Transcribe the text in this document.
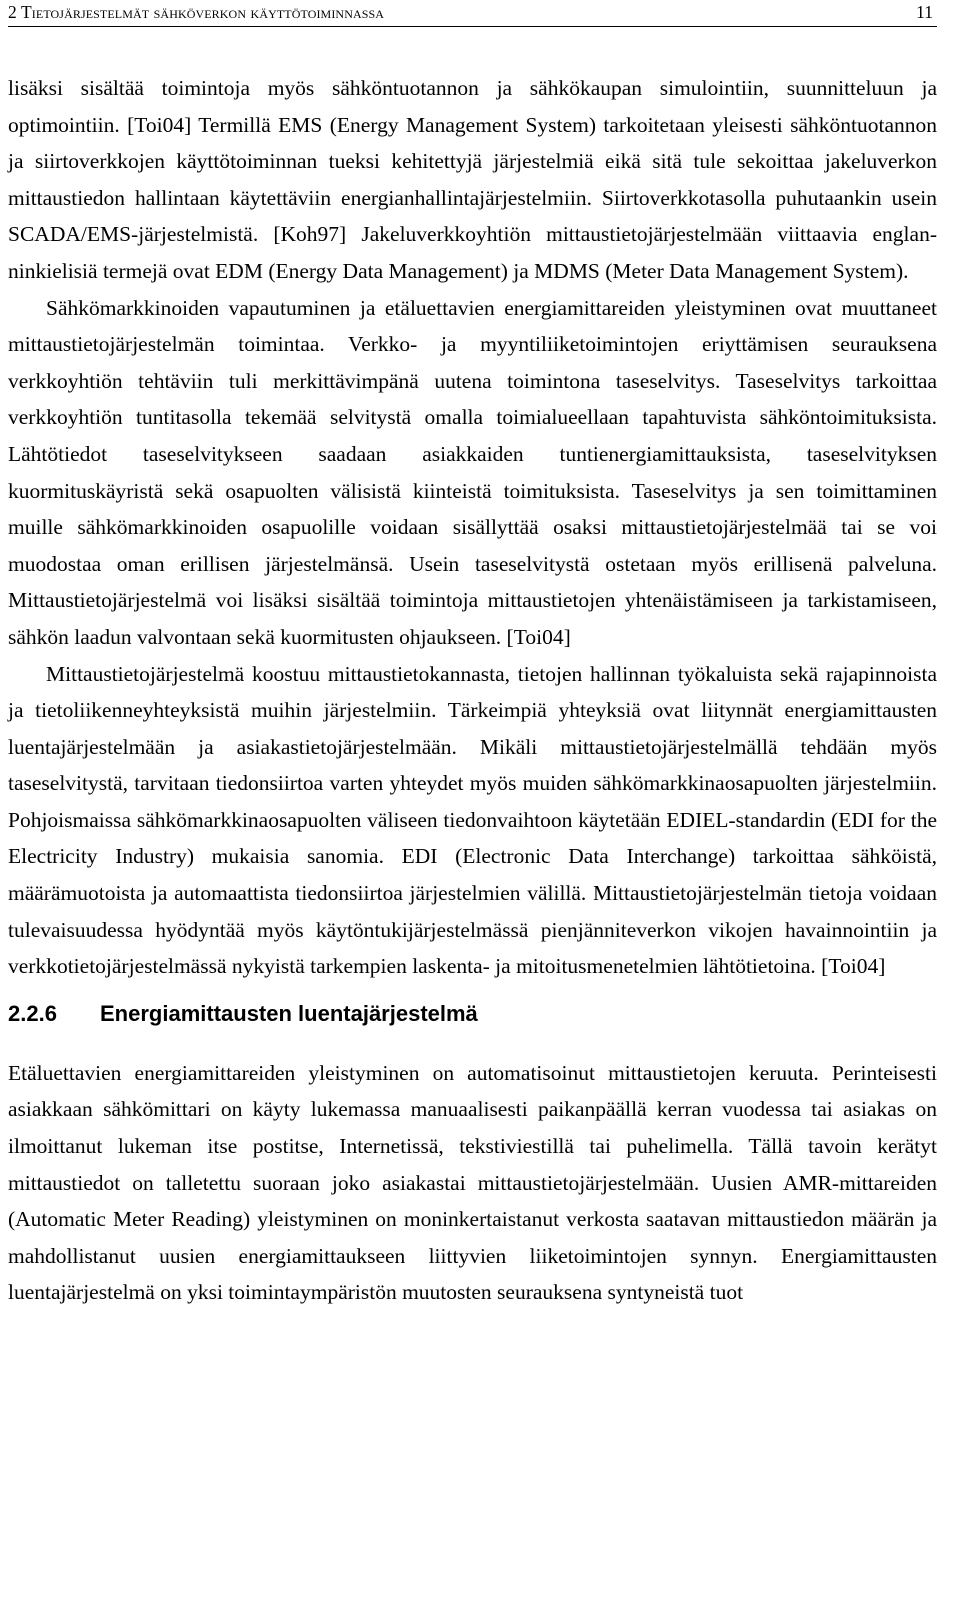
2 Tietojärjestelmät sähköverkon käyttötoiminnassa	11

lisäksi sisältää toimintoja myös sähköntuotannon ja sähkökaupan simulointiin, suunnitteluun ja optimointiin. [Toi04] Termillä EMS (Energy Management System) tarkoitetaan yleisesti sähköntuotannon ja siirtoverkkojen käyttötoiminnan tueksi kehitettyjä järjestelmiä eikä sitä tule sekoittaa jakeluverkon mittaustiedon hallintaan käytettäviin energianhallintajärjestelmiin. Siirtoverkkotasolla puhutaankin usein SCADA/EMS-järjestelmistä. [Koh97] Jakeluverkkoyhtiön mittaustietojärjestelmään viittaavia englanninkielisiä termejä ovat EDM (Energy Data Management) ja MDMS (Meter Data Management System).

Sähkömarkkinoiden vapautuminen ja etäluettavien energiamittareiden yleistyminen ovat muuttaneet mittaustietojärjestelmän toimintaa. Verkko- ja myyntiliiketoimintojen eriyttämisen seurauksena verkkoyhtiön tehtäviin tuli merkittävimpänä uutena toimintona taseselvitys. Taseselvitys tarkoittaa verkkoyhtiön tuntitasolla tekemää selvitystä omalla toimialueellaan tapahtuvista sähköntoimituksista. Lähtötiedot taseselvitykseen saadaan asiakkaiden tuntienergiamittauksista, taseselvityksen kuormituskäyristä sekä osapuolten välisistä kiinteistä toimituksista. Taseselvitys ja sen toimittaminen muille sähkömarkkinoiden osapuolille voidaan sisällyttää osaksi mittaustietojärjestelmää tai se voi muodostaa oman erillisen järjestelmänsä. Usein taseselvitystä ostetaan myös erillisenä palveluna. Mittaustietojärjestelmä voi lisäksi sisältää toimintoja mittaustietojen yhtenäistämiseen ja tarkistamiseen, sähkön laadun valvontaan sekä kuormitusten ohjaukseen. [Toi04]

Mittaustietojärjestelmä koostuu mittaustietokannasta, tietojen hallinnan työkaluista sekä rajapinnoista ja tietoliikenneyhteyksistä muihin järjestelmiin. Tärkeimpiä yhteyksiä ovat liitynnät energiamittausten luentajärjestelmään ja asiakastietojärjestelmään. Mikäli mittaustietojärjestelmällä tehdään myös taseselvitystä, tarvitaan tiedonsiirtoa varten yhteydet myös muiden sähkömarkkinaosapuolten järjestelmiin. Pohjoismaissa sähkömarkkinaosapuolten väliseen tiedonvaihtoon käytetään EDIEL-standardin (EDI for the Electricity Industry) mukaisia sanomia. EDI (Electronic Data Interchange) tarkoittaa sähköistä, määrämuotoista ja automaattista tiedonsiirtoa järjestelmien välillä. Mittaustietojärjestelmän tietoja voidaan tulevaisuudessa hyödyntää myös käytöntukijärjestelmässä pienjänniteverkon vikojen havainnointiin ja verkkotietojärjestelmässä nykyistä tarkempien laskenta- ja mitoitusmenetelmien lähtötietoina. [Toi04]

2.2.6	Energiamittausten luentajärjestelmä

Etäluettavien energiamittareiden yleistyminen on automatisoinut mittaustietojen keruuta. Perinteisesti asiakkaan sähkömittari on käyty lukemassa manuaalisesti paikanpäällä kerran vuodessa tai asiakas on ilmoittanut lukeman itse postitse, Internetissä, tekstiviestillä tai puhelimella. Tällä tavoin kerätyt mittaustiedot on talletettu suoraan joko asiakastai mittaustietojärjestelmään. Uusien AMR-mittareiden (Automatic Meter Reading) yleistyminen on moninkertaistanut verkosta saatavan mittaustiedon määrän ja mahdollistanut uusien energiamittaukseen liittyvien liiketoimintojen synnyn. Energiamittausten luentajärjestelmä on yksi toimintaympäristön muutosten seurauksena syntyneistä tuot
